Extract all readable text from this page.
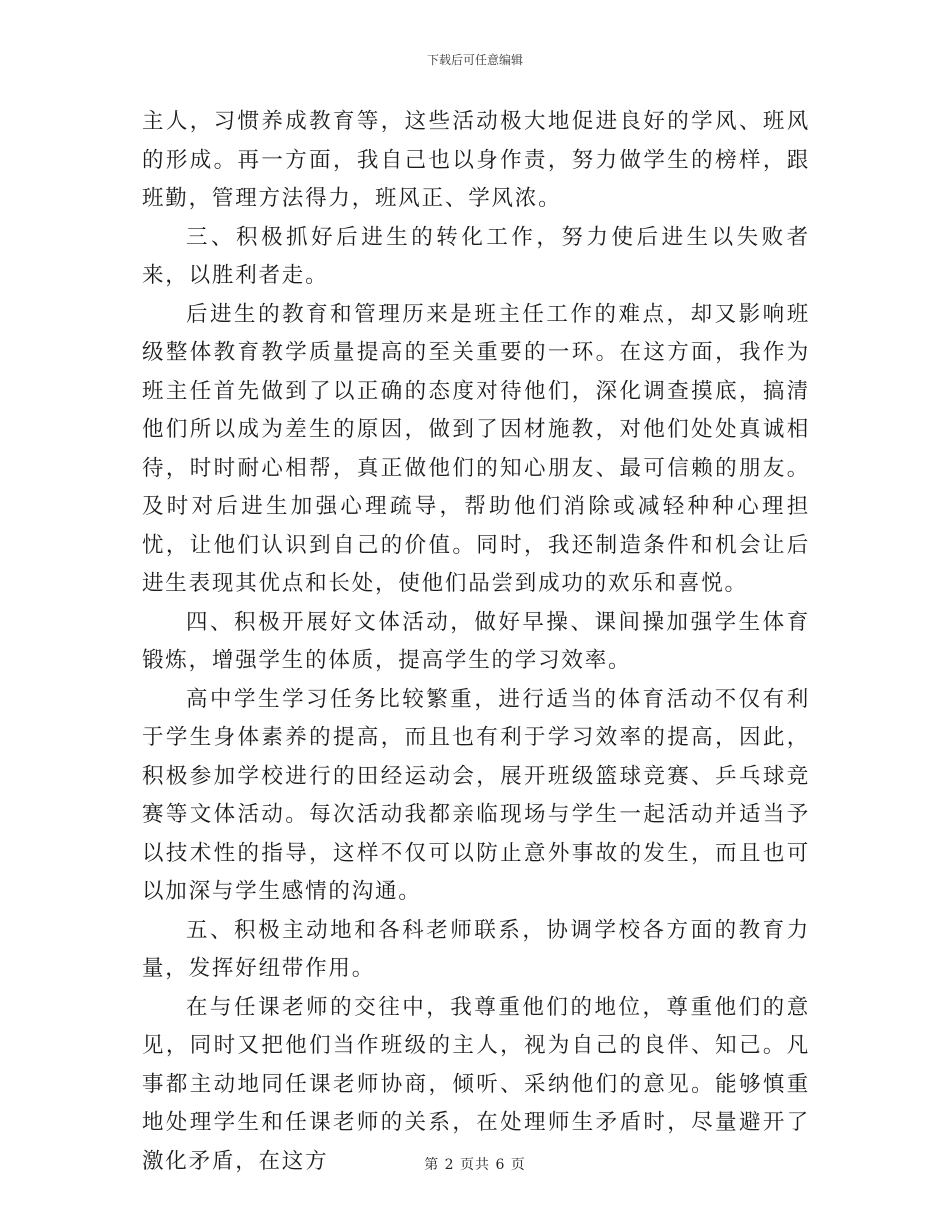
下载后可任意编辑

主人，习惯养成教育等，这些活动极大地促进良好的学风、班风的形成。再一方面，我自己也以身作责，努力做学生的榜样，跟班勤，管理方法得力，班风正、学风浓。

三、积极抓好后进生的转化工作，努力使后进生以失败者来，以胜利者走。

后进生的教育和管理历来是班主任工作的难点，却又影响班级整体教育教学质量提高的至关重要的一环。在这方面，我作为班主任首先做到了以正确的态度对待他们，深化调查摸底，搞清他们所以成为差生的原因，做到了因材施教，对他们处处真诚相待，时时耐心相帮，真正做他们的知心朋友、最可信赖的朋友。及时对后进生加强心理疏导，帮助他们消除或减轻种种心理担忧，让他们认识到自己的价值。同时，我还制造条件和机会让后进生表现其优点和长处，使他们品尝到成功的欢乐和喜悦。

四、积极开展好文体活动，做好早操、课间操加强学生体育锻炼，增强学生的体质，提高学生的学习效率。

高中学生学习任务比较繁重，进行适当的体育活动不仅有利于学生身体素养的提高，而且也有利于学习效率的提高，因此，积极参加学校进行的田经运动会，展开班级篮球竞赛、乒乓球竞赛等文体活动。每次活动我都亲临现场与学生一起活动并适当予以技术性的指导，这样不仅可以防止意外事故的发生，而且也可以加深与学生感情的沟通。

五、积极主动地和各科老师联系，协调学校各方面的教育力量，发挥好纽带作用。

在与任课老师的交往中，我尊重他们的地位，尊重他们的意见，同时又把他们当作班级的主人，视为自己的良伴、知己。凡事都主动地同任课老师协商，倾听、采纳他们的意见。能够慎重地处理学生和任课老师的关系，在处理师生矛盾时，尽量避开了激化矛盾，在这方	第 2 页共 6 页
